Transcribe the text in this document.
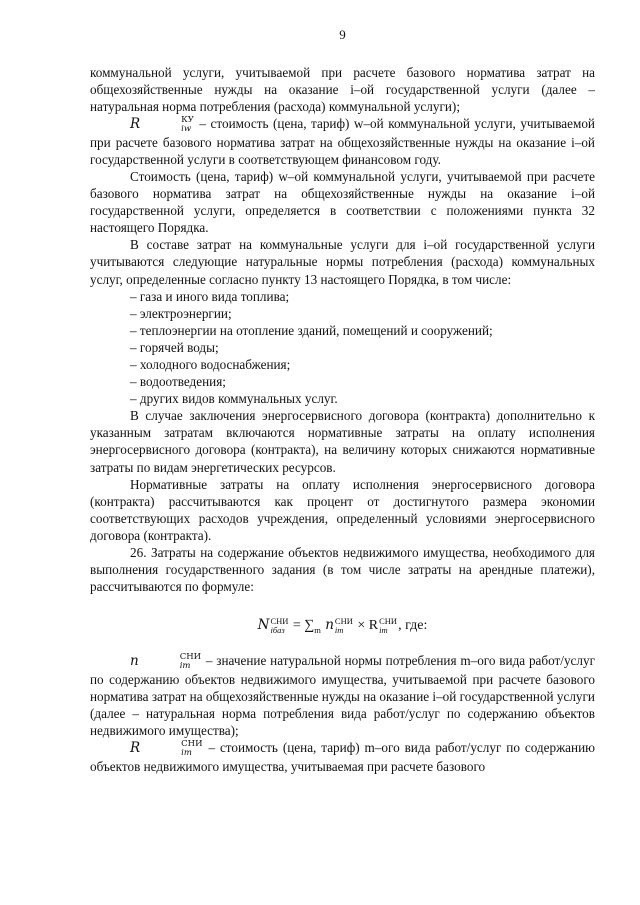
9

коммунальной услуги, учитываемой при расчете базового норматива затрат на общехозяйственные нужды на оказание i–ой государственной услуги (далее – натуральная норма потребления (расхода) коммунальной услуги);

R	КУ
iw – стоимость (цена, тариф) w–ой коммунальной услуги, учитываемой при расчете базового норматива затрат на общехозяйственные нужды на оказание i–ой государственной услуги в соответствующем финансовом году.

Стоимость (цена, тариф) w–ой коммунальной услуги, учитываемой при расчете базового норматива затрат на общехозяйственные нужды на оказание i–ой государственной услуги, определяется в соответствии с положениями пункта 32 настоящего Порядка.

В составе затрат на коммунальные услуги для i–ой государственной услуги учитываются следующие натуральные нормы потребления (расхода) коммунальных услуг, определенные согласно пункту 13 настоящего Порядка, в том числе:

– газа и иного вида топлива;

– электроэнергии;

– теплоэнергии на отопление зданий, помещений и сооружений;

– горячей воды;

– холодного водоснабжения;

– водоотведения;

– других видов коммунальных услуг.

В случае заключения энергосервисного договора (контракта) дополнительно к указанным затратам включаются нормативные затраты на оплату исполнения энергосервисного договора (контракта), на величину которых снижаются нормативные затраты по видам энергетических ресурсов.

Нормативные затраты на оплату исполнения энергосервисного договора (контракта) рассчитываются как процент от достигнутого размера экономии соответствующих расходов учреждения, определенный условиями энергосервисного договора (контракта).

26. Затраты на содержание объектов недвижимого имущества, необходимого для выполнения государственного задания (в том числе затраты на арендные платежи), рассчитываются по формуле:

N СНИ
iбаз = $\sum_m$ n СНИ
im × R СНИ
im , где:

n	СНИ
im	– значение натуральной нормы потребления m–ого вида работ/услуг по содержанию объектов недвижимого имущества, учитываемой при расчете базового норматива затрат на общехозяйственные нужды на оказание i–ой государственной услуги (далее – натуральная норма потребления вида работ/услуг по содержанию объектов недвижимого имущества);

R	СНИ
im	– стоимость (цена, тариф) m–ого вида работ/услуг по содержанию объектов недвижимого имущества, учитываемая при расчете базового
